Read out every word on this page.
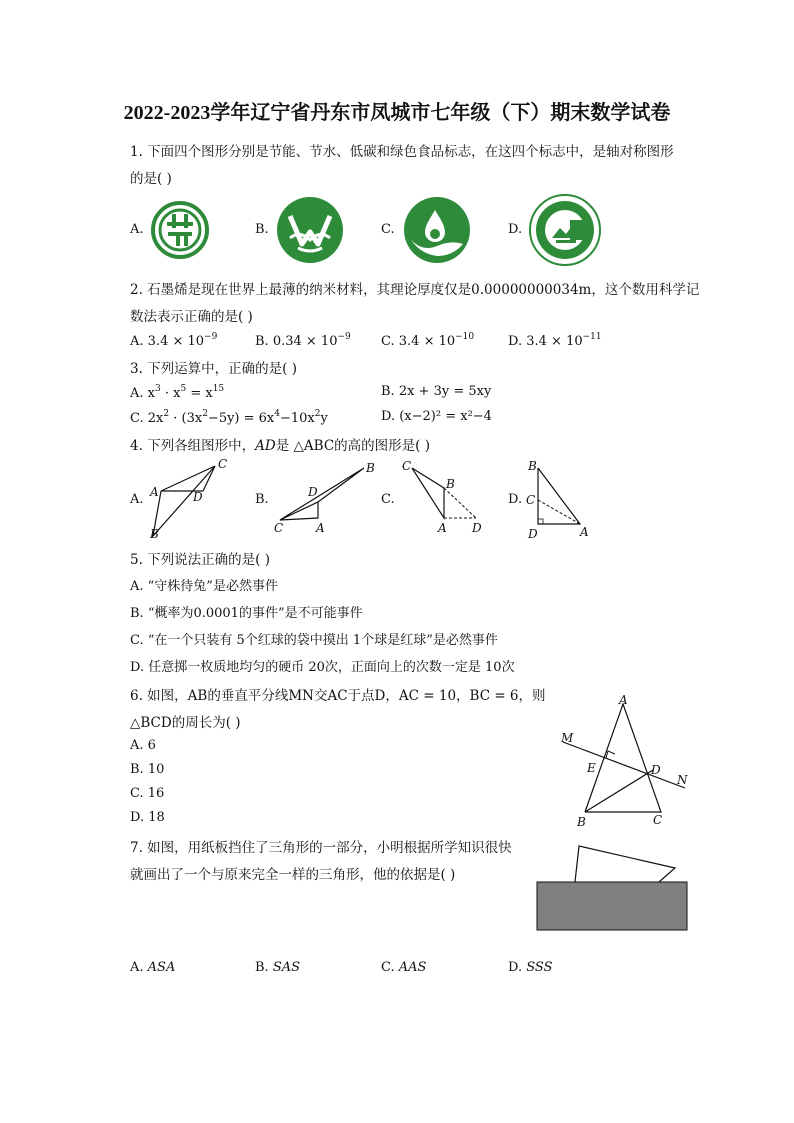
2022-2023学年辽宁省丹东市凤城市七年级（下）期末数学试卷
1. 下面四个图形分别是节能、节水、低碳和绿色食品标志，在这四个标志中，是轴对称图形
的是( )
A.	B.	C.	D.
2. 石墨烯是现在世界上最薄的纳米材料，其理论厚度仅是0.00000000034m，这个数用科学记
数法表示正确的是( )
A. $3.4 \times 10^{-9}$	B. $0.34 \times 10^{-9}$ C. $3.4 \times 10^{-10}$	D. $3.4 \times 10^{-11}$
3. 下列运算中，正确的是( )
A. $x^3 \cdot x^5 = x^{15}$	B. 2x + 3y = 5xy
C. $2x^2 \cdot (3x^2-5y) = 6x^4-10x^2y$	D. (x−2)² = x²−4
4. 下列各组图形中，AD是 △ABC的高的图形是( )
A.
C
A	D
B
B.
C	A
D
B
C.
C
B
A D
D.
B
C
D	A
5. 下列说法正确的是( )
A. “守株待兔”是必然事件
B. “概率为0.0001的事件”是不可能事件
C. “在一个只装有 5个红球的袋中摸出 1个球是红球”是必然事件
D. 任意掷一枚质地均匀的硬币 20次，正面向上的次数一定是 10次
6. 如图，AB的垂直平分线MN交AC于点D，AC = 10，BC = 6，则
△BCD的周长为( )
A. 6
B. 10
C. 16
D. 18
A
M
E	D
N
B	C
7. 如图，用纸板挡住了三角形的一部分，小明根据所学知识很快
就画出了一个与原来完全一样的三角形，他的依据是( )
A. ASA	B. SAS	C. AAS	D. SSS
